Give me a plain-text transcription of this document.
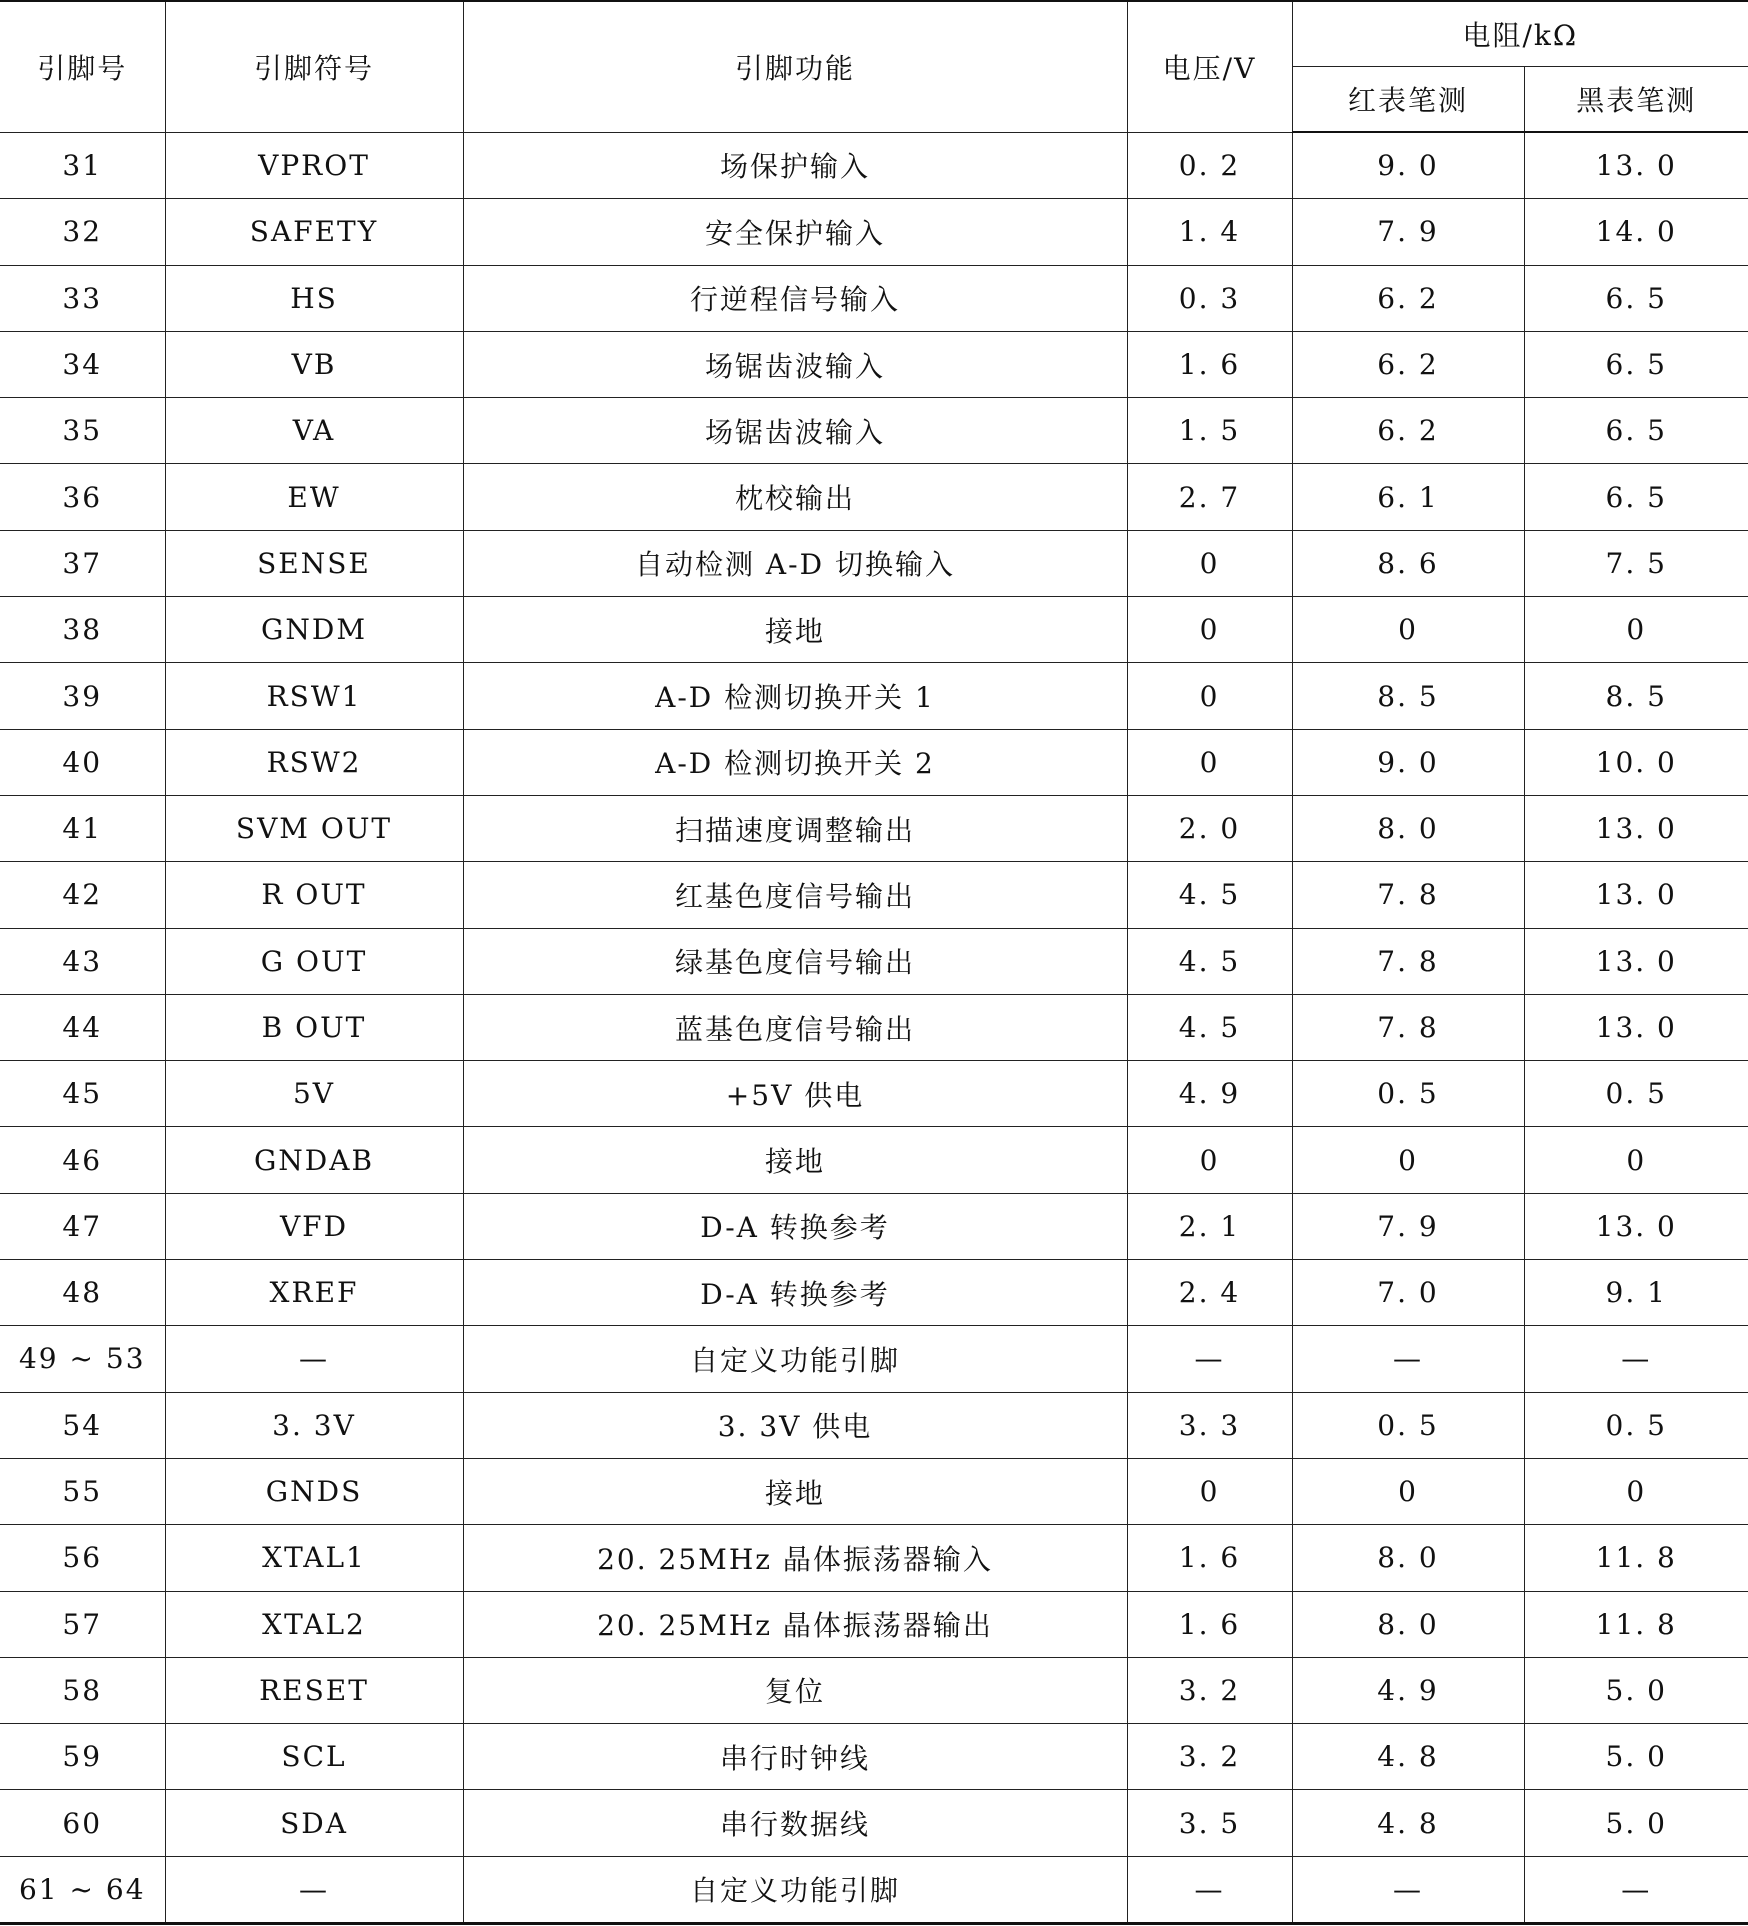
引脚号	引脚符号	引脚功能	电压/V	电阻/kΩ	
				红表笔测	黑表笔测
31	VPROT	场保护输入	0. 2	9. 0	13. 0
32	SAFETY	安全保护输入	1. 4	7. 9	14. 0
33	HS	行逆程信号输入	0. 3	6. 2	6. 5
34	VB	场锯齿波输入	1. 6	6. 2	6. 5
35	VA	场锯齿波输入	1. 5	6. 2	6. 5
36	EW	枕校输出	2. 7	6. 1	6. 5
37	SENSE	自动检测 A-D 切换输入	0	8. 6	7. 5
38	GNDM	接地	0	0	0
39	RSW1	A-D 检测切换开关 1	0	8. 5	8. 5
40	RSW2	A-D 检测切换开关 2	0	9. 0	10. 0
41	SVM OUT	扫描速度调整输出	2. 0	8. 0	13. 0
42	R OUT	红基色度信号输出	4. 5	7. 8	13. 0
43	G OUT	绿基色度信号输出	4. 5	7. 8	13. 0
44	B OUT	蓝基色度信号输出	4. 5	7. 8	13. 0
45	5V	+5V 供电	4. 9	0. 5	0. 5
46	GNDAB	接地	0	0	0
47	VFD	D-A 转换参考	2. 1	7. 9	13. 0
48	XREF	D-A 转换参考	2. 4	7. 0	9. 1
49 ~ 53	—	自定义功能引脚	—	—	—
54	3. 3V	3. 3V 供电	3. 3	0. 5	0. 5
55	GNDS	接地	0	0	0
56	XTAL1	20. 25MHz 晶体振荡器输入	1. 6	8. 0	11. 8
57	XTAL2	20. 25MHz 晶体振荡器输出	1. 6	8. 0	11. 8
58	RESET	复位	3. 2	4. 9	5. 0
59	SCL	串行时钟线	3. 2	4. 8	5. 0
60	SDA	串行数据线	3. 5	4. 8	5. 0
61 ~ 64	—	自定义功能引脚	—	—	—
